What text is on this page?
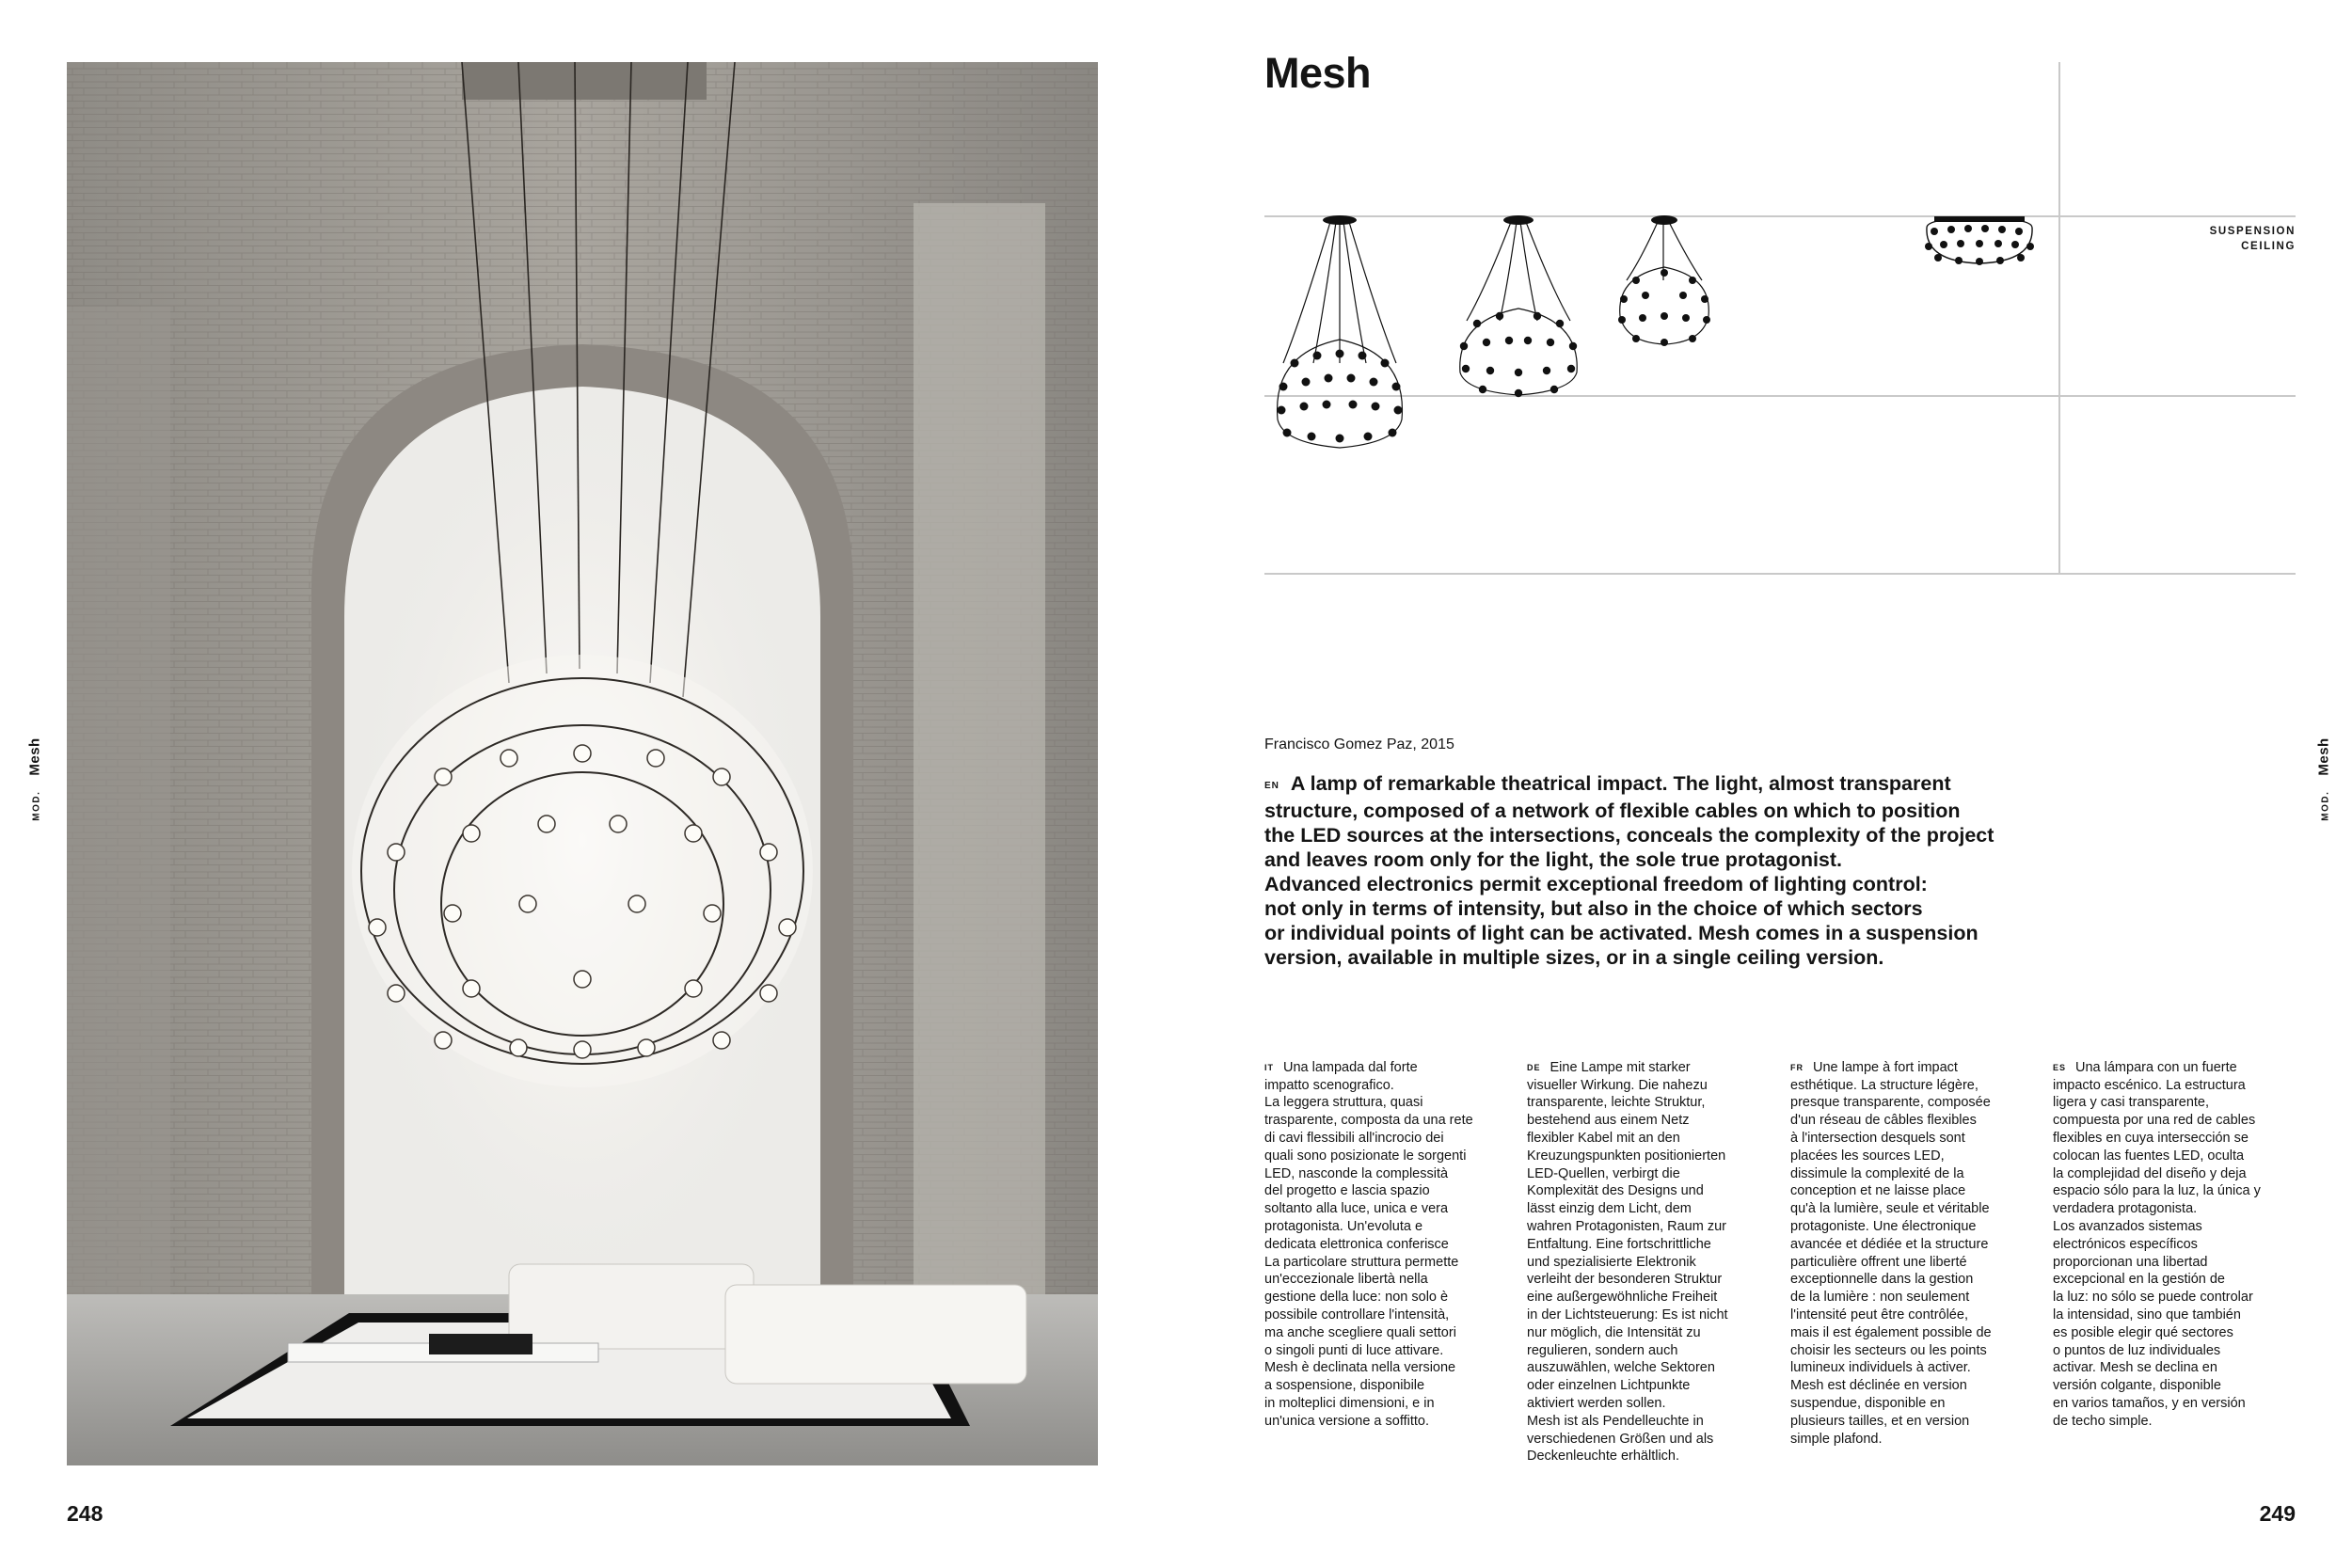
MOD.Mesh
248
Mesh
SUSPENSION
CEILING
Francisco Gomez Paz, 2015
EN A lamp of remarkable theatrical impact. The light, almost transparent
structure, composed of a network of flexible cables on which to position
the LED sources at the intersections, conceals the complexity of the project
and leaves room only for the light, the sole true protagonist.
Advanced electronics permit exceptional freedom of lighting control:
not only in terms of intensity, but also in the choice of which sectors
or individual points of light can be activated. Mesh comes in a suspension
version, available in multiple sizes, or in a single ceiling version.

IT Una lampada dal forte
impatto scenografico.
La leggera struttura, quasi
trasparente, composta da una rete
di cavi flessibili all'incrocio dei
quali sono posizionate le sorgenti
LED, nasconde la complessità
del progetto e lascia spazio
soltanto alla luce, unica e vera
protagonista. Un'evoluta e
dedicata elettronica conferisce
La particolare struttura permette
un'eccezionale libertà nella
gestione della luce: non solo è
possibile controllare l'intensità,
ma anche scegliere quali settori
o singoli punti di luce attivare.
Mesh è declinata nella versione
a sospensione, disponibile
in molteplici dimensioni, e in
un'unica versione a soffitto.

DE Eine Lampe mit starker
visueller Wirkung. Die nahezu
transparente, leichte Struktur,
bestehend aus einem Netz
flexibler Kabel mit an den
Kreuzungspunkten positionierten
LED-Quellen, verbirgt die
Komplexität des Designs und
lässt einzig dem Licht, dem
wahren Protagonisten, Raum zur
Entfaltung. Eine fortschrittliche
und spezialisierte Elektronik
verleiht der besonderen Struktur
eine außergewöhnliche Freiheit
in der Lichtsteuerung: Es ist nicht
nur möglich, die Intensität zu
regulieren, sondern auch
auszuwählen, welche Sektoren
oder einzelnen Lichtpunkte
aktiviert werden sollen.
Mesh ist als Pendelleuchte in
verschiedenen Größen und als
Deckenleuchte erhältlich.

FR Une lampe à fort impact
esthétique. La structure légère,
presque transparente, composée
d'un réseau de câbles flexibles
à l'intersection desquels sont
placées les sources LED,
dissimule la complexité de la
conception et ne laisse place
qu'à la lumière, seule et véritable
protagoniste. Une électronique
avancée et dédiée et la structure
particulière offrent une liberté
exceptionnelle dans la gestion
de la lumière : non seulement
l'intensité peut être contrôlée,
mais il est également possible de
choisir les secteurs ou les points
lumineux individuels à activer.
Mesh est déclinée en version
suspendue, disponible en
plusieurs tailles, et en version
simple plafond.

ES Una lámpara con un fuerte
impacto escénico. La estructura
ligera y casi transparente,
compuesta por una red de cables
flexibles en cuya intersección se
colocan las fuentes LED, oculta
la complejidad del diseño y deja
espacio sólo para la luz, la única y
verdadera protagonista.
Los avanzados sistemas
electrónicos específicos
proporcionan una libertad
excepcional en la gestión de
la luz: no sólo se puede controlar
la intensidad, sino que también
es posible elegir qué sectores
o puntos de luz individuales
activar. Mesh se declina en
versión colgante, disponible
en varios tamaños, y en versión
de techo simple.

MOD.Mesh
249
